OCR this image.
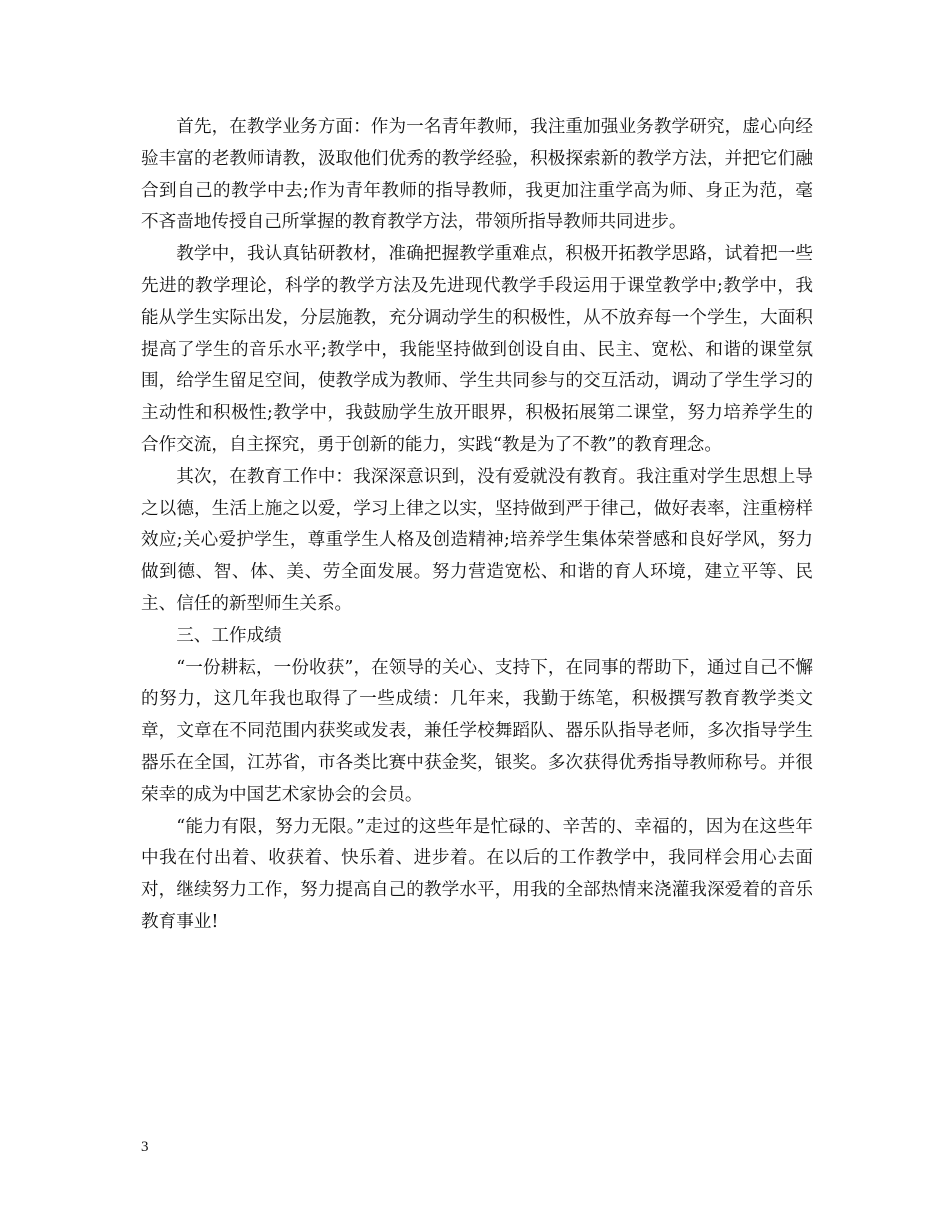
首先，在教学业务方面：作为一名青年教师，我注重加强业务教学研究，虚心向经验丰富的老教师请教，汲取他们优秀的教学经验，积极探索新的教学方法，并把它们融合到自己的教学中去;作为青年教师的指导教师，我更加注重学高为师、身正为范，毫不吝啬地传授自己所掌握的教育教学方法，带领所指导教师共同进步。

教学中，我认真钻研教材，准确把握教学重难点，积极开拓教学思路，试着把一些先进的教学理论，科学的教学方法及先进现代教学手段运用于课堂教学中;教学中，我能从学生实际出发，分层施教，充分调动学生的积极性，从不放弃每一个学生，大面积提高了学生的音乐水平;教学中，我能坚持做到创设自由、民主、宽松、和谐的课堂氛围，给学生留足空间，使教学成为教师、学生共同参与的交互活动，调动了学生学习的主动性和积极性;教学中，我鼓励学生放开眼界，积极拓展第二课堂，努力培养学生的合作交流，自主探究，勇于创新的能力，实践“教是为了不教”的教育理念。

其次，在教育工作中：我深深意识到，没有爱就没有教育。我注重对学生思想上导之以德，生活上施之以爱，学习上律之以实，坚持做到严于律己，做好表率，注重榜样效应;关心爱护学生，尊重学生人格及创造精神;培养学生集体荣誉感和良好学风，努力做到德、智、体、美、劳全面发展。努力营造宽松、和谐的育人环境，建立平等、民主、信任的新型师生关系。

三、工作成绩

“一份耕耘，一份收获”，在领导的关心、支持下，在同事的帮助下，通过自己不懈的努力，这几年我也取得了一些成绩：几年来，我勤于练笔，积极撰写教育教学类文章，文章在不同范围内获奖或发表，兼任学校舞蹈队、器乐队指导老师，多次指导学生器乐在全国，江苏省，市各类比赛中获金奖，银奖。多次获得优秀指导教师称号。并很荣幸的成为中国艺术家协会的会员。

“能力有限，努力无限。”走过的这些年是忙碌的、辛苦的、幸福的，因为在这些年中我在付出着、收获着、快乐着、进步着。在以后的工作教学中，我同样会用心去面对，继续努力工作，努力提高自己的教学水平，用我的全部热情来浇灌我深爱着的音乐教育事业!

3
